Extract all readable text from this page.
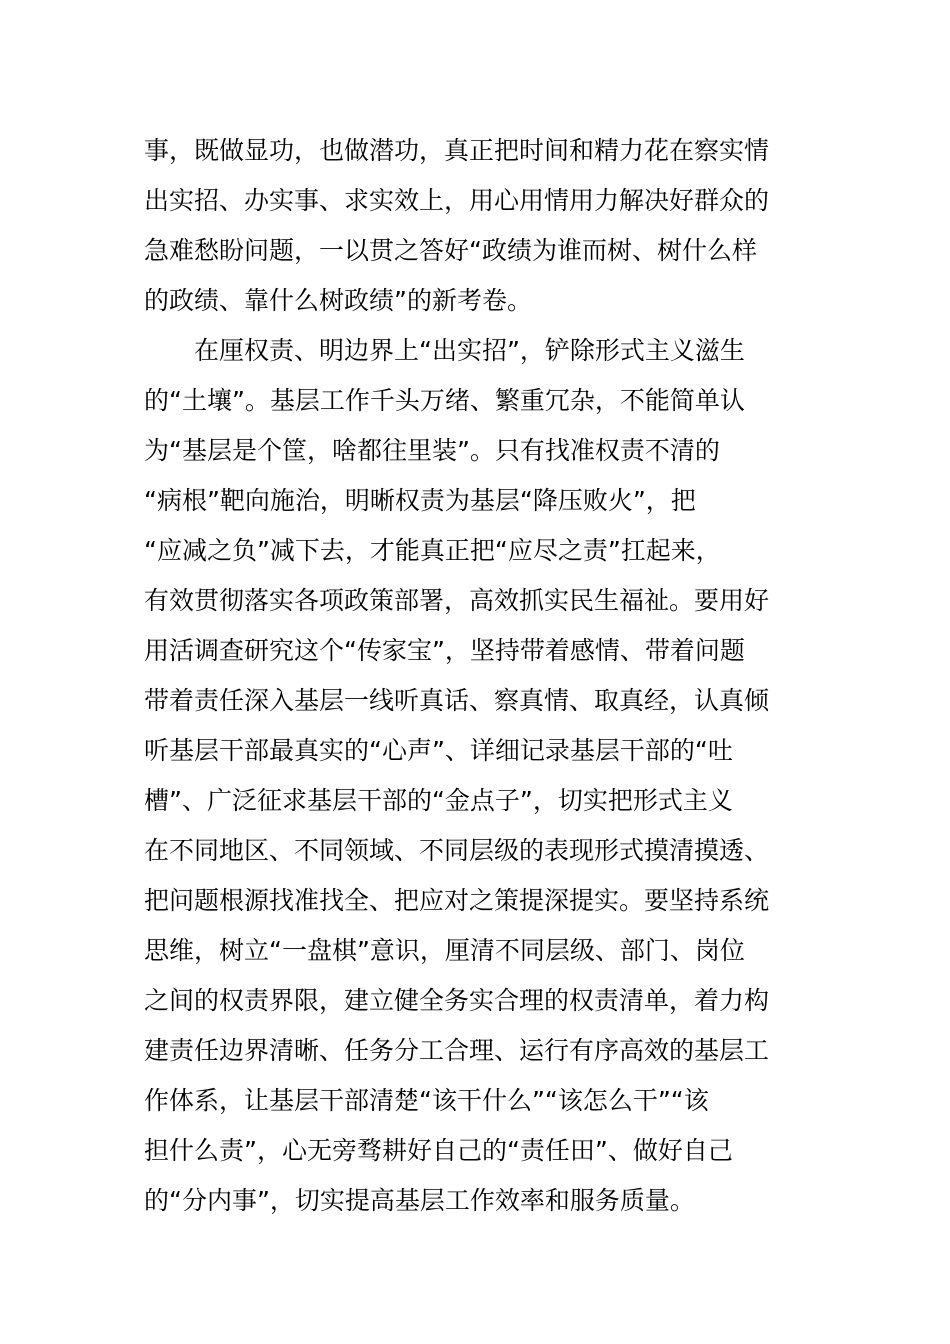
事，既做显功，也做潜功，真正把时间和精力花在察实情
出实招、办实事、求实效上，用心用情用力解决好群众的
急难愁盼问题，一以贯之答好“政绩为谁而树、树什么样
的政绩、靠什么树政绩”的新考卷。
在厘权责、明边界上“出实招”，铲除形式主义滋生
的“土壤”。基层工作千头万绪、繁重冗杂，不能简单认
为“基层是个筐，啥都往里装”。只有找准权责不清的
“病根”靶向施治，明晰权责为基层“降压败火”，把
“应减之负”减下去，才能真正把“应尽之责”扛起来，
有效贯彻落实各项政策部署，高效抓实民生福祉。要用好
用活调查研究这个“传家宝”，坚持带着感情、带着问题
带着责任深入基层一线听真话、察真情、取真经，认真倾
听基层干部最真实的“心声”、详细记录基层干部的“吐
槽”、广泛征求基层干部的“金点子”，切实把形式主义
在不同地区、不同领域、不同层级的表现形式摸清摸透、
把问题根源找准找全、把应对之策提深提实。要坚持系统
思维，树立“一盘棋”意识，厘清不同层级、部门、岗位
之间的权责界限，建立健全务实合理的权责清单，着力构
建责任边界清晰、任务分工合理、运行有序高效的基层工
作体系，让基层干部清楚“该干什么”“该怎么干”“该
担什么责”，心无旁骛耕好自己的“责任田”、做好自己
的“分内事”，切实提高基层工作效率和服务质量。
